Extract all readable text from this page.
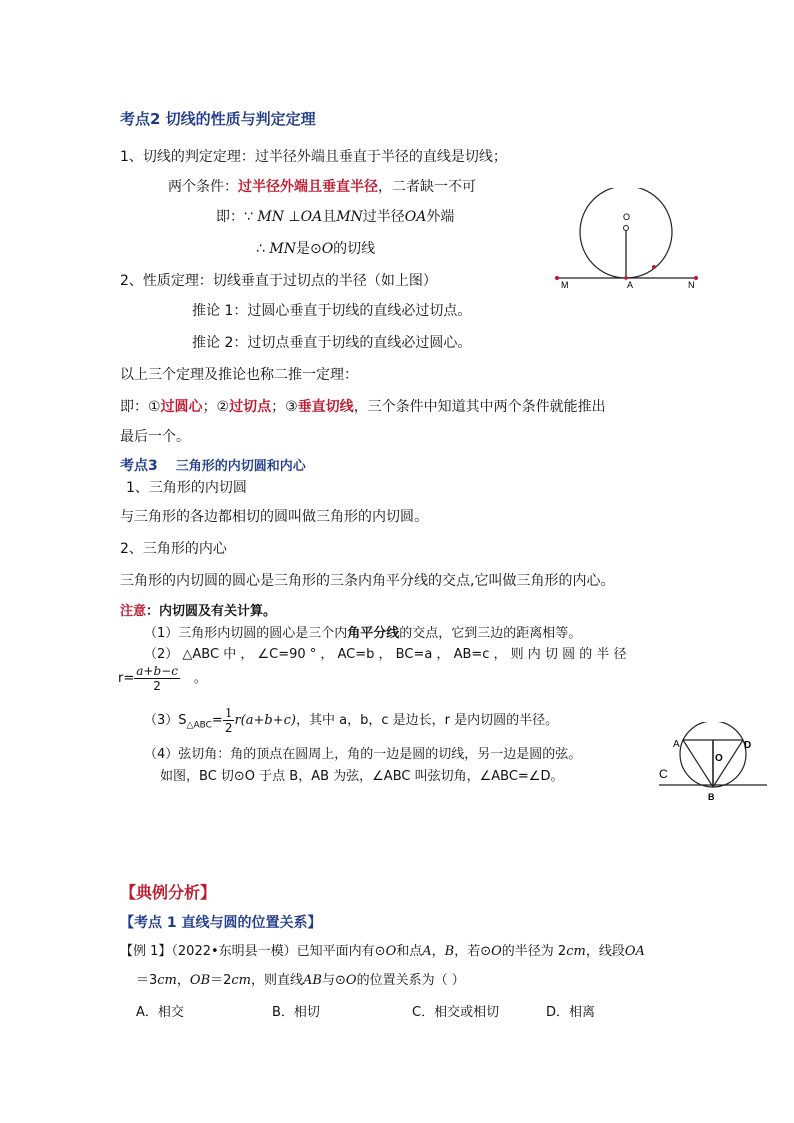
考点2 切线的性质与判定定理
1、切线的判定定理：过半径外端且垂直于半径的直线是切线；
两个条件：过半径外端且垂直半径，二者缺一不可
即：∵ MN ⊥OA且MN过半径OA外端
∴ MN是⊙O的切线
2、性质定理：切线垂直于过切点的半径（如上图）
推论 1：过圆心垂直于切线的直线必过切点。
推论 2：过切点垂直于切线的直线必过圆心。
以上三个定理及推论也称二推一定理：
即：①过圆心；②过切点；③垂直切线，三个条件中知道其中两个条件就能推出
最后一个。
O
M	A	N
考点3 三角形的内切圆和内心
1、三角形的内切圆
与三角形的各边都相切的圆叫做三角形的内切圆。
2、三角形的内心
三角形的内切圆的圆心是三角形的三条内角平分线的交点,它叫做三角形的内心。
注意：内切圆及有关计算。
（1）三角形内切圆的圆心是三个内角平分线的交点，它到三边的距离相等。
（2） △ABC 中 ， ∠C=90 ° ， AC=b ， BC=a ， AB=c ， 则 内 切 圆 的 半 径
$r= \frac{a+b-c}{2}$ 。
$(3)S_{\triangle ABC}= \frac{1}{2} r(a+b+c)$，其中 a，b，c 是边长，r 是内切圆的半径。
（4）弦切角：角的顶点在圆周上，角的一边是圆的切线，另一边是圆的弦。
如图，BC 切⊙O 于点 B，AB 为弦，∠ABC 叫弦切角，∠ABC=∠D。
A	D
O
C
B
【典例分析】
【考点 1 直线与圆的位置关系】
【例 1】（2022•东明县一模）已知平面内有⊙O和点A，B，若⊙O的半径为 2cm，线段OA
＝3cm，OB＝2cm，则直线AB与⊙O的位置关系为（ ）
A．相交	B．相切	C．相交或相切	D．相离
